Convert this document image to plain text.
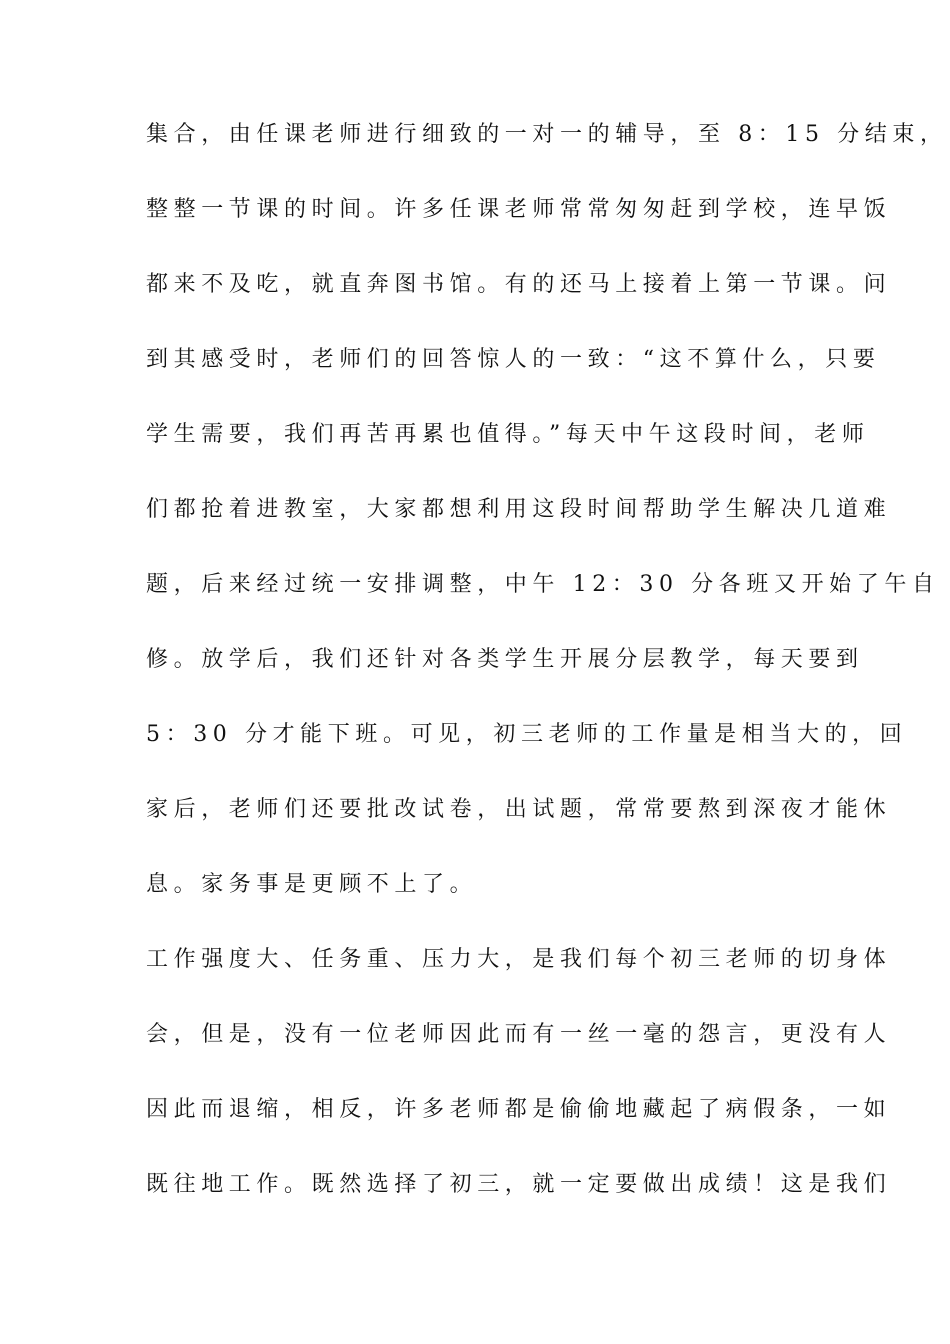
集合，由任课老师进行细致的一对一的辅导，至 8：15 分结束，
整整一节课的时间。许多任课老师常常匆匆赶到学校，连早饭
都来不及吃，就直奔图书馆。有的还马上接着上第一节课。问
到其感受时，老师们的回答惊人的一致：“这不算什么，只要
学生需要，我们再苦再累也值得。”每天中午这段时间，老师
们都抢着进教室，大家都想利用这段时间帮助学生解决几道难
题，后来经过统一安排调整，中午 12：30 分各班又开始了午自
修。放学后，我们还针对各类学生开展分层教学，每天要到
5：30 分才能下班。可见，初三老师的工作量是相当大的，回
家后，老师们还要批改试卷，出试题，常常要熬到深夜才能休
息。家务事是更顾不上了。
工作强度大、任务重、压力大，是我们每个初三老师的切身体
会，但是，没有一位老师因此而有一丝一毫的怨言，更没有人
因此而退缩，相反，许多老师都是偷偷地藏起了病假条，一如
既往地工作。既然选择了初三，就一定要做出成绩！这是我们
